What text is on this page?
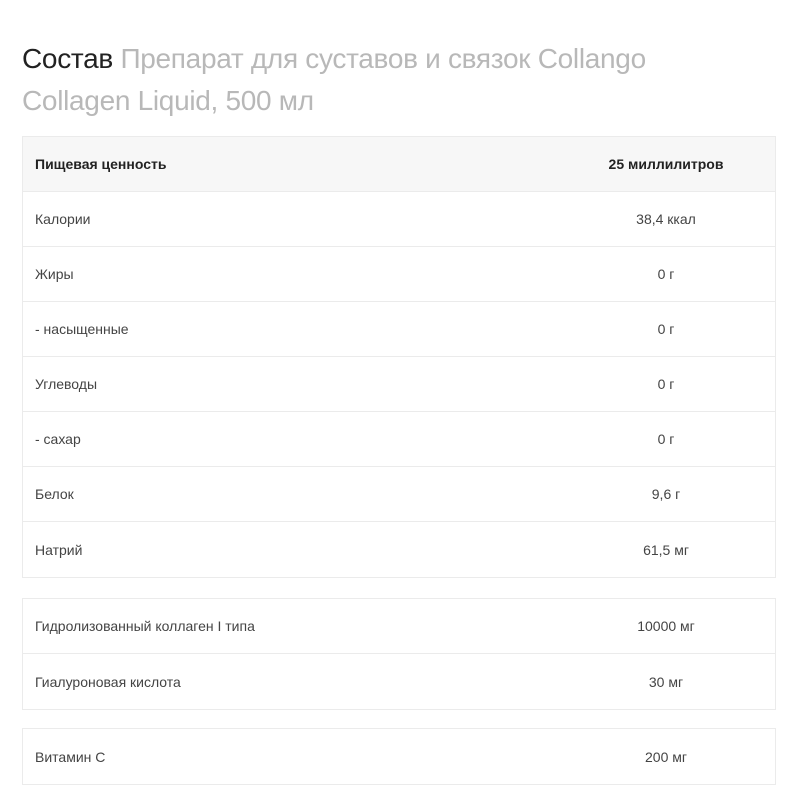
Состав Препарат для суставов и связок Collango Collagen Liquid, 500 мл
Пищевая ценность	25 миллилитров
Калории	38,4 ккал
Жиры	0 г
- насыщенные	0 г
Углеводы	0 г
- сахар	0 г
Белок	9,6 г
Натрий	61,5 мг
Гидролизованный коллаген I типа	10000 мг
Гиалуроновая кислота	30 мг
Витамин С	200 мг
